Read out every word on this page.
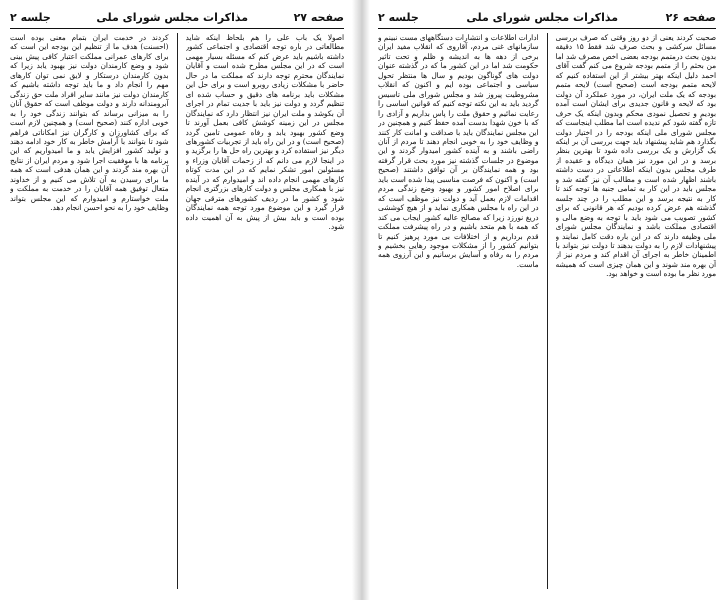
صفحه ۲۷
مذاکرات مجلس شورای ملی
جلسه ۲

اصولا یک باب علی را هم بلحاظ اینکه شاید مطالعاتی در باره توجه اقتصادی و اجتماعی کشور داشته باشیم باید عرض کنم که مسئله بسیار مهمی است که در این مجلس مطرح شده است و آقایان نمایندگان محترم توجه دارند که مملکت ما در حال حاضر با مشکلات زیادی روبرو است و برای حل این مشکلات باید برنامه های دقیق و حساب شده ای تنظیم گردد و دولت نیز باید با جدیت تمام در اجرای آن بکوشد و ملت ایران نیز انتظار دارد که نمایندگان مجلس در این زمینه کوشش کافی بعمل آورند تا وضع کشور بهبود یابد و رفاه عمومی تامین گردد (صحیح است) و در این راه باید از تجربیات کشورهای دیگر نیز استفاده کرد و بهترین راه حل ها را برگزید و در اینجا لازم می دانم که از زحمات آقایان وزراء و مسئولین امور تشکر نمایم که در این مدت کوتاه کارهای مهمی انجام داده اند و امیدوارم که در آینده نیز با همکاری مجلس و دولت کارهای بزرگتری انجام شود و کشور ما در ردیف کشورهای مترقی جهان قرار گیرد و این موضوع مورد توجه همه نمایندگان بوده است و باید بیش از پیش به آن اهمیت داده شود.

کردند در خدمت ایران بتمام معنی بوده است (احسنت) هدف ما از تنظیم این بودجه این است که برای کارهای عمرانی مملکت اعتبار کافی پیش بینی شود و وضع کارمندان دولت نیز بهبود یابد زیرا که بدون کارمندان درستکار و لایق نمی توان کارهای مهم را انجام داد و ما باید توجه داشته باشیم که کارمندان دولت نیز مانند سایر افراد ملت حق زندگی آبرومندانه دارند و دولت موظف است که حقوق آنان را به میزانی برساند که بتوانند زندگی خود را به خوبی اداره کنند (صحیح است) و همچنین لازم است که برای کشاورزان و کارگران نیز امکاناتی فراهم شود تا بتوانند با آرامش خاطر به کار خود ادامه دهند و تولید کشور افزایش یابد و ما امیدواریم که این برنامه ها با موفقیت اجرا شود و مردم ایران از نتایج آن بهره مند گردند و این همان هدفی است که همه ما برای رسیدن به آن تلاش می کنیم و از خداوند متعال توفیق همه آقایان را در خدمت به مملکت و ملت خواستارم و امیدوارم که این مجلس بتواند وظایف خود را به نحو احسن انجام دهد.

صفحه ۲۶
مذاکرات مجلس شورای ملی
جلسه ۲

صحبت کردند یعنی از دو روز وقتی که صرف بررسی مسائل سرکشی و بحث صرف شد فقط ۱۵ دقیقه بدون بحث درمتمم بودجه بعضی اخص مصرف شد اما من بحثم را از متمم بودجه شروع می کنم گفت آقای احمد دلیل اینکه بهتر بیشتر از این استفاده کنیم که لایحه متمم بودجه است (صحیح است) لایحه متمم بودجه که یک ملت ایران، در مورد عملکرد آن دولت بود که لایحه و قانون جدیدی برای ایشان است آمده بودیم و تحصیل نمودی محکم وبدون اینکه یک حرف تازه گفته شود کم ندیده است اما مطلب اینجاست که مجلس شورای ملی اینکه بودجه را در اختیار دولت بگذارد هم شاید پیشنهاد باید جهت بررسی آن بر اینکه یک گزارش و یک بررسی داده شود تا بهترین بنظر برسد و در این مورد نیز همان دیدگاه و عقیده از طرف مجلس بدون اینکه اطلاعاتی در دست داشته باشند اظهار شده است و مطالب آن نیز گفته شد و مجلس باید در این کار به تمامی جنبه ها توجه کند تا کار به نتیجه برسد و این مطلب را در چند جلسه گذشته هم عرض کرده بودیم که هر قانونی که برای کشور تصویب می شود باید با توجه به وضع مالی و اقتصادی مملکت باشد و نمایندگان مجلس شورای ملی وظیفه دارند که در این باره دقت کامل نمایند و پیشنهادات لازم را به دولت بدهند تا دولت نیز بتواند با اطمینان خاطر به اجرای آن اقدام کند و مردم نیز از آن بهره مند شوند و این همان چیزی است که همیشه مورد نظر ما بوده است و خواهد بود.

ادارات اطلاعات و انتشارات دستگاههای مست نبینم و سازمانهای غنی مردم، آقاروی که انقلاب مفید ایران برخی از دهه ها به اندیشه و ظلم و تحت تاثیر حکومت شد اما در این کشور ما که در گذشته عنوان دولت های گوناگون بودیم و سال ها منتظر تحول سیاسی و اجتماعی بوده ایم و اکنون که انقلاب مشروطیت پیروز شد و مجلس شورای ملی تاسیس گردید باید به این نکته توجه کنیم که قوانین اساسی را رعایت نمائیم و حقوق ملت را پاس بداریم و آزادی را که با خون شهدا بدست آمده حفظ کنیم و همچنین در این مجلس نمایندگان باید با صداقت و امانت کار کنند و وظایف خود را به خوبی انجام دهند تا مردم از آنان راضی باشند و به آینده کشور امیدوار گردند و این موضوع در جلسات گذشته نیز مورد بحث قرار گرفته بود و همه نمایندگان بر آن توافق داشتند (صحیح است) و اکنون که فرصت مناسبی پیدا شده است باید برای اصلاح امور کشور و بهبود وضع زندگی مردم اقدامات لازم بعمل آید و دولت نیز موظف است که در این راه با مجلس همکاری نماید و از هیچ کوششی دریغ نورزد زیرا که مصالح عالیه کشور ایجاب می کند که همه با هم متحد باشیم و در راه پیشرفت مملکت قدم برداریم و از اختلافات بی مورد پرهیز کنیم تا بتوانیم کشور را از مشکلات موجود رهایی بخشیم و مردم را به رفاه و آسایش برسانیم و این آرزوی همه ماست.
